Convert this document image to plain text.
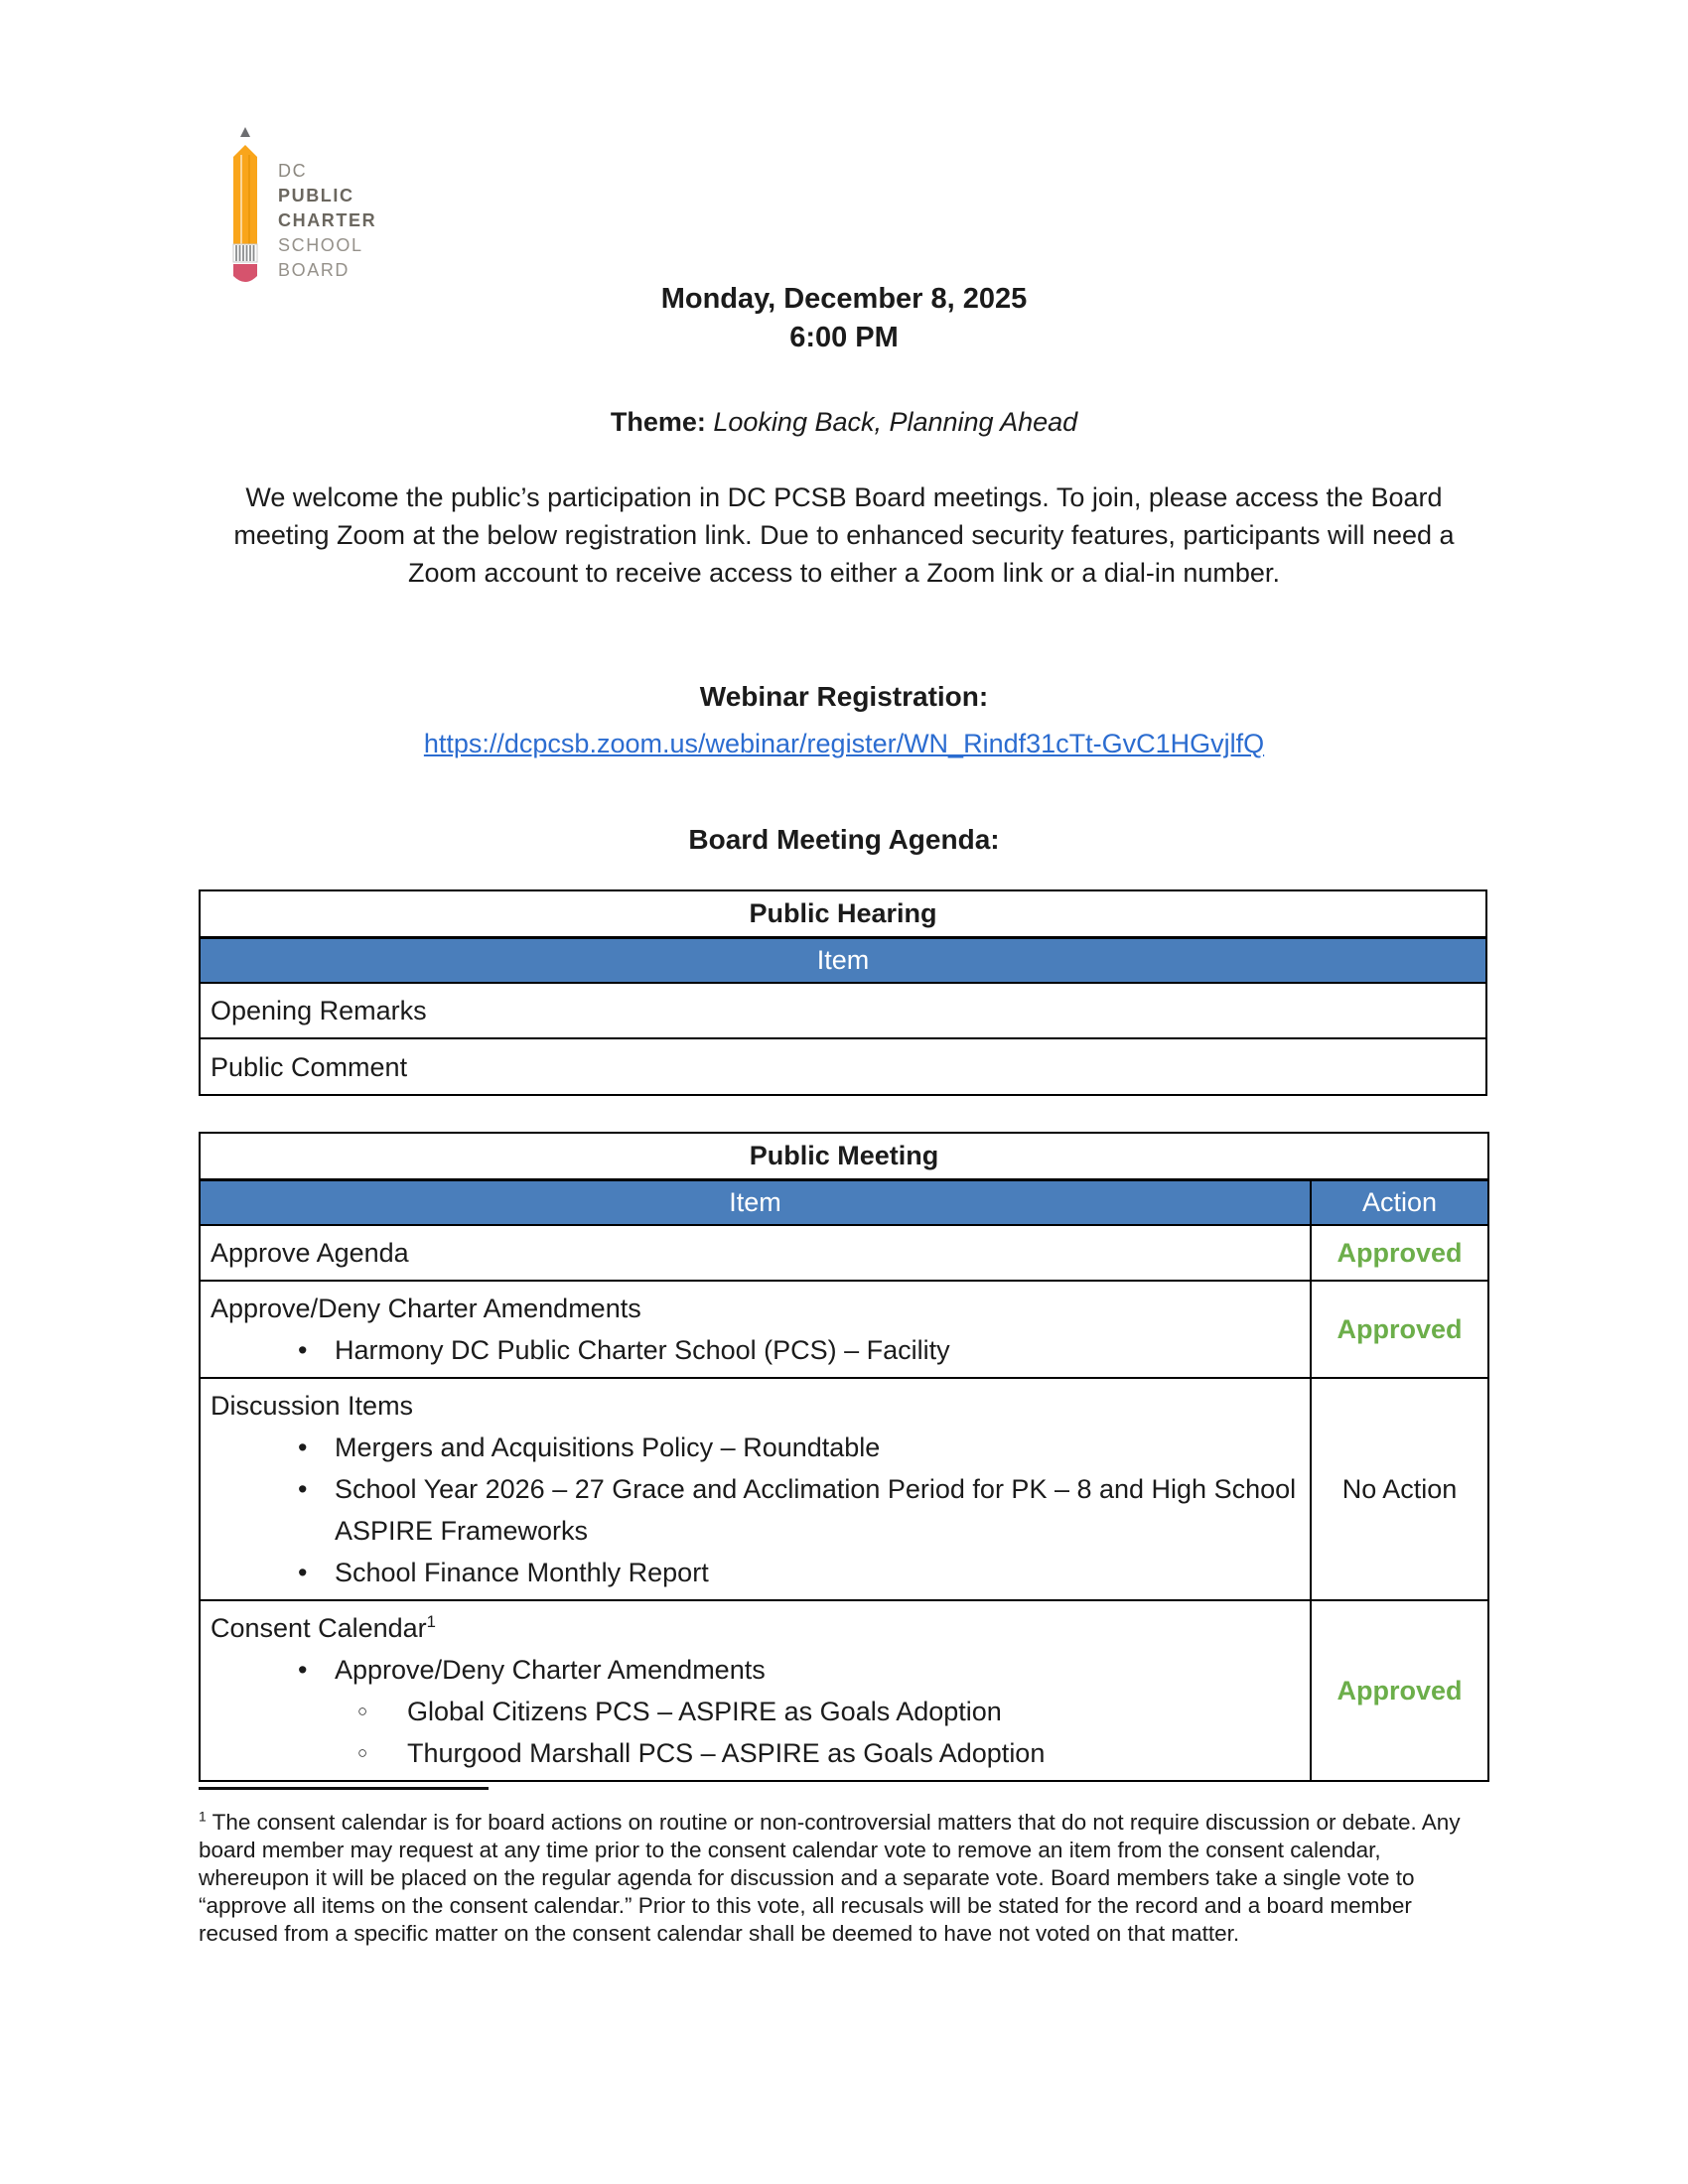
DC
PUBLIC
CHARTER
SCHOOL
BOARD
Monday, December 8, 2025
6:00 PM
Theme: Looking Back, Planning Ahead
We welcome the public’s participation in DC PCSB Board meetings. To join, please access the Board meeting Zoom at the below registration link. Due to enhanced security features, participants will need a Zoom account to receive access to either a Zoom link or a dial-in number.
Webinar Registration:
https://dcpcsb.zoom.us/webinar/register/WN_Rindf31cTt-GvC1HGvjlfQ
Board Meeting Agenda:
Public Hearing
Item
Opening Remarks
Public Comment
Public Meeting	
Item	Action
Approve Agenda	Approved

Approve/Deny Charter Amendments
• Harmony DC Public Charter School (PCS) – Facility	Approved

Discussion Items
• Mergers and Acquisitions Policy – Roundtable
• School Year 2026 – 27 Grace and Acclimation Period for PK – 8 and High School ASPIRE Frameworks
• School Finance Monthly Report	No Action

Consent Calendar$^1$
• Approve/Deny Charter Amendments
○ Global Citizens PCS – ASPIRE as Goals Adoption
○ Thurgood Marshall PCS – ASPIRE as Goals Adoption	Approved
$^1$ The consent calendar is for board actions on routine or non-controversial matters that do not require discussion or debate. Any board member may request at any time prior to the consent calendar vote to remove an item from the consent calendar, whereupon it will be placed on the regular agenda for discussion and a separate vote. Board members take a single vote to “approve all items on the consent calendar.” Prior to this vote, all recusals will be stated for the record and a board member recused from a specific matter on the consent calendar shall be deemed to have not voted on that matter.
